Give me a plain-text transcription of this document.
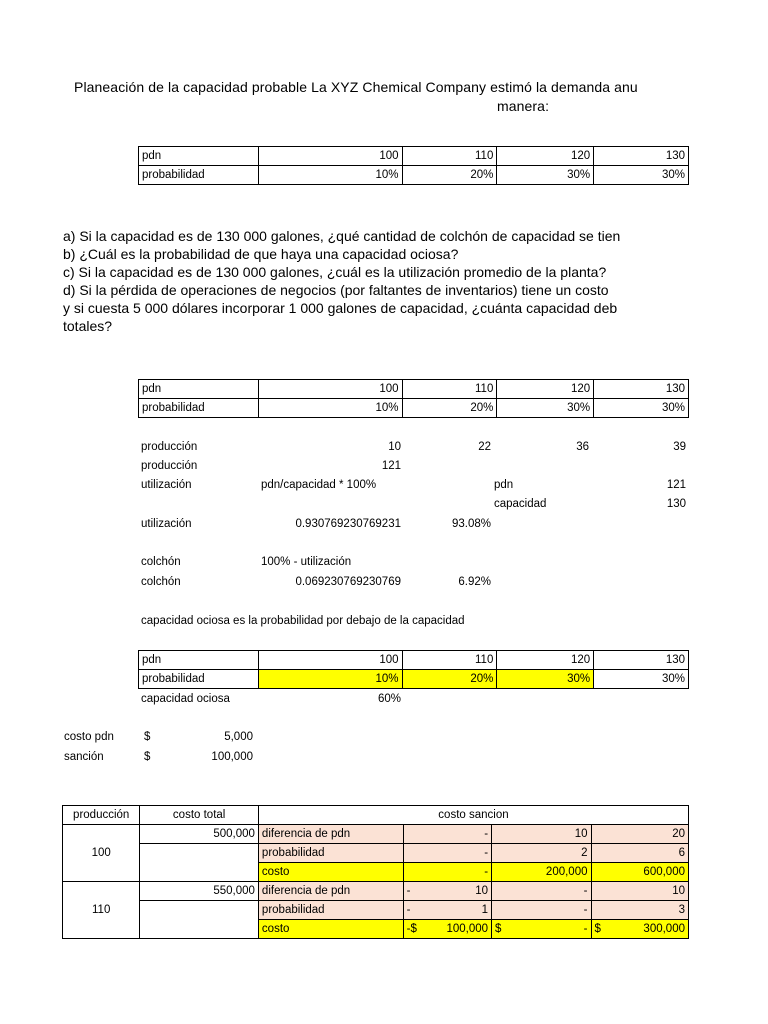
Planeación de la capacidad probable La XYZ Chemical Company estimó la demanda anu
manera:
pdn	100	110	120	130
probabilidad	10%	20%	30%	30%
a) Si la capacidad es de 130 000 galones, ¿qué cantidad de colchón de capacidad se tien
b) ¿Cuál es la probabilidad de que haya una capacidad ociosa?
c) Si la capacidad es de 130 000 galones, ¿cuál es la utilización promedio de la planta?
d) Si la pérdida de operaciones de negocios (por faltantes de inventarios) tiene un costo
y si cuesta 5 000 dólares incorporar 1 000 galones de capacidad, ¿cuánta capacidad deb
totales?
pdn	100	110	120	130
probabilidad	10%	20%	30%	30%
producción	10	22	36	39
producción	121
utilización	pdn/capacidad * 100%	pdn	121
capacidad	130
utilización	0.930769230769231	93.08%
colchón	100% - utilización
colchón	0.069230769230769	6.92%
capacidad ociosa es la probabilidad por debajo de la capacidad
pdn	100	110	120	130
probabilidad	10%	20%	30%	30%
capacidad ociosa	60%
costo pdn	$	5,000
sanción	$	100,000
producción	costo total	costo sancion			
100	500,000	diferencia de pdn	-	10	20
		probabilidad	-	2	6
		costo	-	200,000	600,000
110	550,000	diferencia de pdn	- 10	-	10
		probabilidad	- 1	-	3
		costo	-$ 100,000	$ -	$ 300,000
